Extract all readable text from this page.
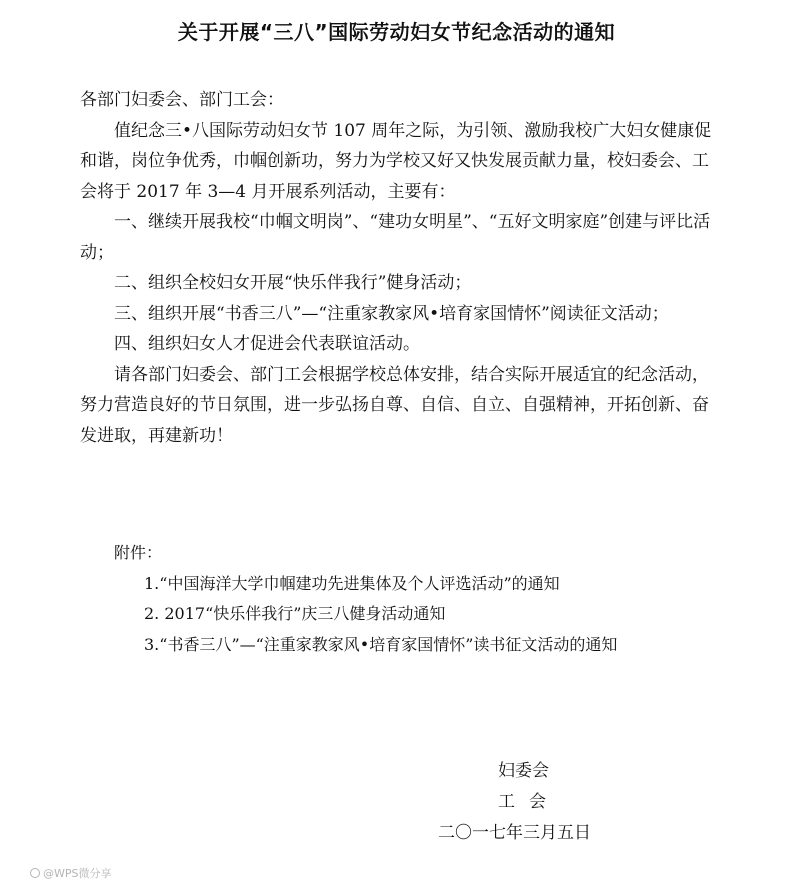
关于开展“三八”国际劳动妇女节纪念活动的通知

各部门妇委会、部门工会：

值纪念三•八国际劳动妇女节 107 周年之际，为引领、激励我校广大妇女健康促和谐，岗位争优秀，巾帼创新功，努力为学校又好又快发展贡献力量，校妇委会、工会将于 2017 年 3—4 月开展系列活动，主要有：

一、继续开展我校“巾帼文明岗”、“建功女明星”、“五好文明家庭”创建与评比活动；

二、组织全校妇女开展“快乐伴我行”健身活动；

三、组织开展“书香三八”—“注重家教家风•培育家国情怀”阅读征文活动；

四、组织妇女人才促进会代表联谊活动。

请各部门妇委会、部门工会根据学校总体安排，结合实际开展适宜的纪念活动，努力营造良好的节日氛围，进一步弘扬自尊、自信、自立、自强精神，开拓创新、奋发进取，再建新功！

附件：

1.“中国海洋大学巾帼建功先进集体及个人评选活动”的通知

2. 2017“快乐伴我行”庆三八健身活动通知

3.“书香三八”—“注重家教家风•培育家国情怀”读书征文活动的通知

妇委会

工会

二〇一七年三月五日

@WPS微分享
